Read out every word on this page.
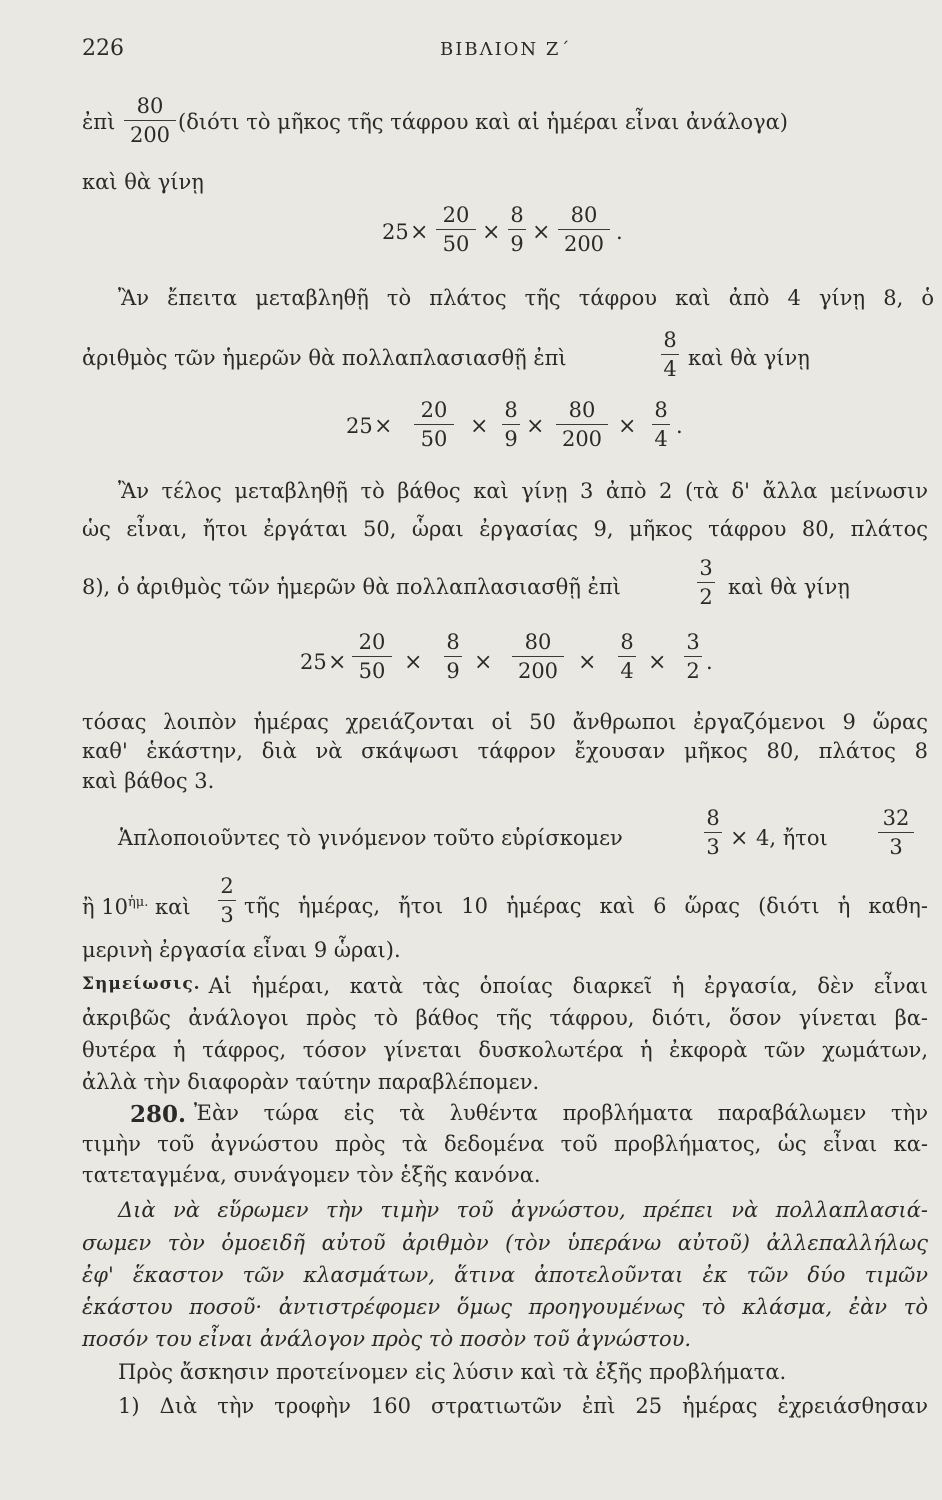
226	ΒΙΒΛΙΟΝ Ζ΄
ἐπὶ
80
200
(διότι τὸ μῆκος τῆς τάφρου καὶ αἱ ἡμέραι εἶναι ἀνάλογα)
καὶ θὰ γίνῃ
25 ×
20
50 ×
8
9 ×
80
200 .
Ἂν ἔπειτα μεταβληθῇ τὸ πλάτος τῆς τάφρου καὶ ἀπὸ 4 γίνῃ 8, ὁ
ἀριθμὸς τῶν ἡμερῶν θὰ πολλαπλασιασθῇ ἐπὶ
8
4 καὶ θὰ γίνῃ
25 ×
20
50	×
8
9 ×
80
200 ×
8
4
.
Ἂν τέλος μεταβληθῇ τὸ βάθος καὶ γίνῃ 3 ἀπὸ 2 (τὰ δ' ἄλλα μείνωσιν
ὡς εἶναι, ἤτοι ἐργάται 50, ὧραι ἐργασίας 9, μῆκος τάφρου 80, πλάτος
8), ὁ ἀριθμὸς τῶν ἡμερῶν θὰ πολλαπλασιασθῇ ἐπὶ
3
2 καὶ θὰ γίνῃ
25 ×
20
50 ×
8
9 ×
80
200 ×
8
4 ×
3
2 .
τόσας λοιπὸν ἡμέρας χρειάζονται οἱ 50 ἄνθρωποι ἐργαζόμενοι 9 ὥρας
καθ' ἑκάστην, διὰ νὰ σκάψωσι τάφρον ἔχουσαν μῆκος 80, πλάτος 8
καὶ βάθος 3.
Ἁπλοποιοῦντες τὸ γινόμενον τοῦτο εὑρίσκομεν
8
3 × 4, ἤτοι
32
3
ἢ $10^{ἡ\mu.}$ καὶ
2
3 τῆς ἡμέρας, ἤτοι 10 ἡμέρας καὶ 6 ὥρας (διότι ἡ καθη-
μερινὴ ἐργασία εἶναι 9 ὧραι).
Σημείωσις. Αἱ ἡμέραι, κατὰ τὰς ὁποίας διαρκεῖ ἡ ἐργασία, δὲν εἶναι
ἀκριβῶς ἀνάλογοι πρὸς τὸ βάθος τῆς τάφρου, διότι, ὅσον γίνεται βα-
θυτέρα ἡ τάφρος, τόσον γίνεται δυσκολωτέρα ἡ ἐκφορὰ τῶν χωμάτων,
ἀλλὰ τὴν διαφορὰν ταύτην παραβλέπομεν.
280. Ἐὰν τώρα εἰς τὰ λυθέντα προβλήματα παραβάλωμεν τὴν
τιμὴν τοῦ ἀγνώστου πρὸς τὰ δεδομένα τοῦ προβλήματος, ὡς εἶναι κα-
τατεταγμένα, συνάγομεν τὸν ἑξῆς κανόνα.
Διὰ νὰ εὕρωμεν τὴν τιμὴν τοῦ ἀγνώστου, πρέπει νὰ πολλαπλασιά-
σωμεν τὸν ὁμοειδῆ αὐτοῦ ἀριθμὸν (τὸν ὑπεράνω αὐτοῦ) ἀλλεπαλλήλως
ἐφ' ἕκαστον τῶν κλασμάτων, ἅτινα ἀποτελοῦνται ἐκ τῶν δύο τιμῶν
ἑκάστου ποσοῦ· ἀντιστρέφομεν ὅμως προηγουμένως τὸ κλάσμα, ἐὰν τὸ
ποσόν του εἶναι ἀνάλογον πρὸς τὸ ποσὸν τοῦ ἀγνώστου.
Πρὸς ἄσκησιν προτείνομεν εἰς λύσιν καὶ τὰ ἑξῆς προβλήματα.
1) Διὰ τὴν τροφὴν 160 στρατιωτῶν ἐπὶ 25 ἡμέρας ἐχρειάσθησαν
